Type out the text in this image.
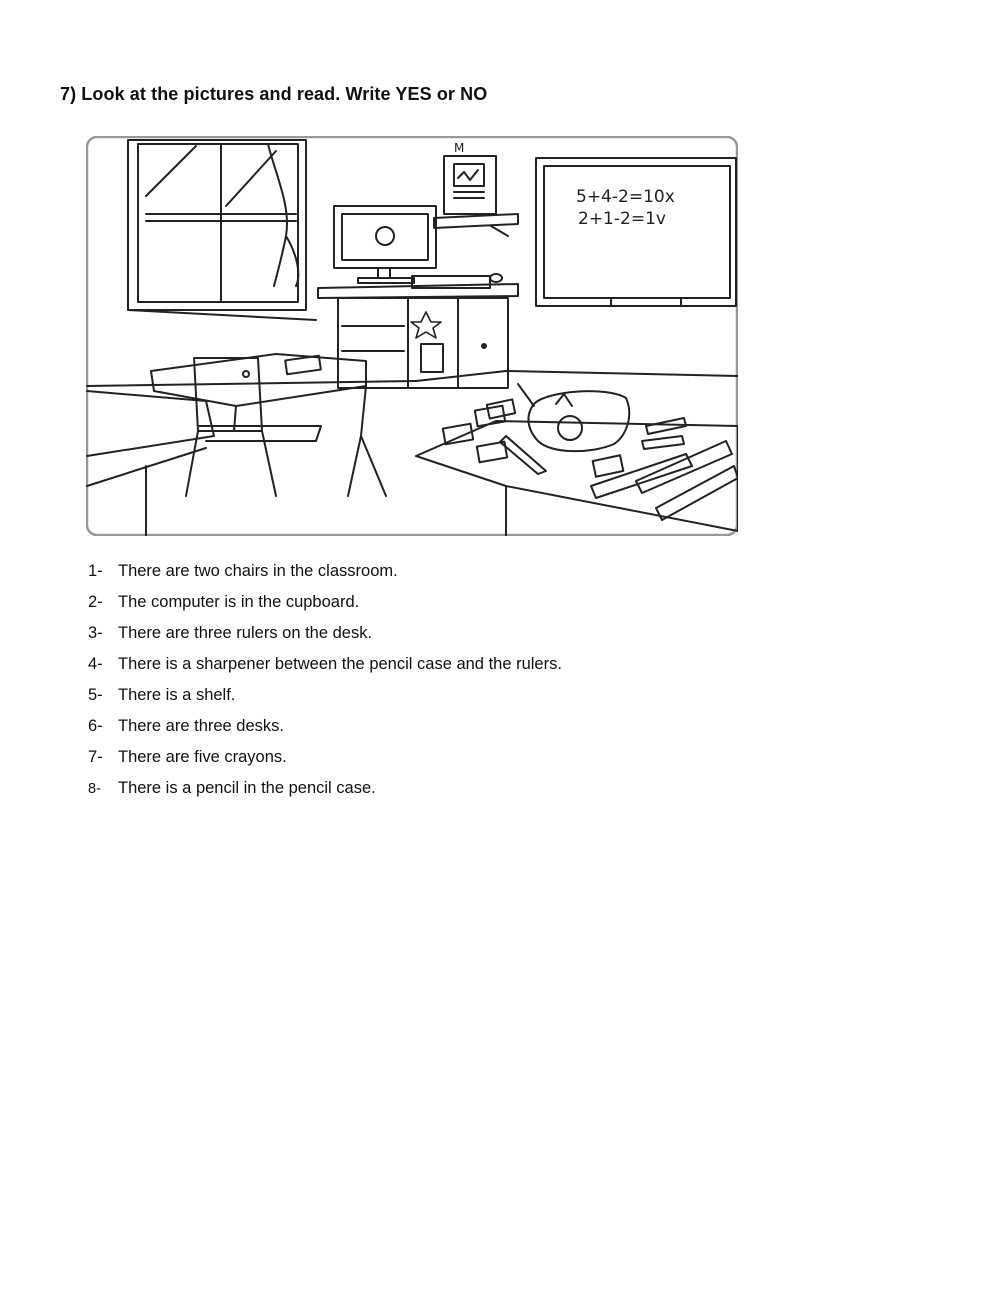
7) Look at the pictures and read. Write YES or NO
M
5+4-2=10x
2+1-2=1v
1- There are two chairs in the classroom.
2- The computer is in the cupboard.
3- There are three rulers on the desk.
4- There is a sharpener between the pencil case and the rulers.
5- There is a shelf.
6- There are three desks.
7- There are five crayons.
8-	There is a pencil in the pencil case.
